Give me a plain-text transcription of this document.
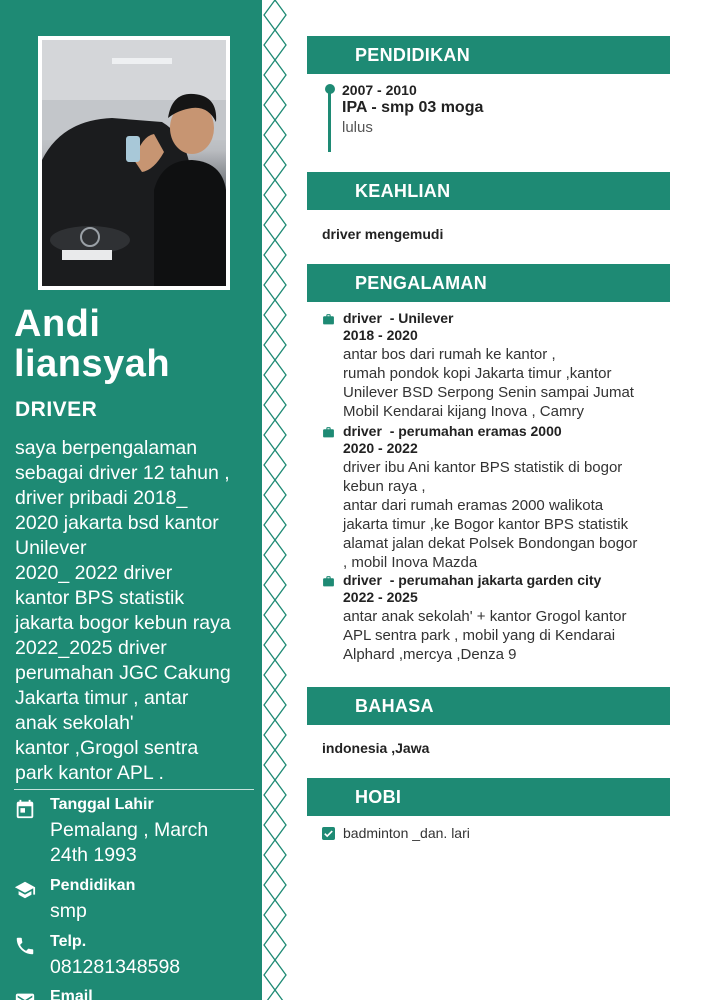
Andi
liansyah
DRIVER
saya berpengalaman
sebagai driver 12 tahun ,
driver pribadi 2018_
2020 jakarta bsd kantor
Unilever
2020_ 2022 driver
kantor BPS statistik
jakarta bogor kebun raya
2022_2025 driver
perumahan JGC Cakung
Jakarta timur , antar
anak sekolah'
kantor ,Grogol sentra
park kantor APL .
Tanggal Lahir
Pemalang , March
24th 1993
Pendidikan
smp
Telp.
081281348598
Email
PENDIDIKAN
2007 - 2010
IPA - smp 03 moga
lulus
KEAHLIAN
driver mengemudi
PENGALAMAN
driver  - Unilever
2018 - 2020
antar bos dari rumah ke kantor ,
rumah pondok kopi Jakarta timur ,kantor
Unilever BSD Serpong Senin sampai Jumat
Mobil Kendarai kijang Inova , Camry
driver  - perumahan eramas 2000
2020 - 2022
driver ibu Ani kantor BPS statistik di bogor
kebun raya ,
antar dari rumah eramas 2000 walikota
jakarta timur ,ke Bogor kantor BPS statistik
alamat jalan dekat Polsek Bondongan bogor
, mobil Inova Mazda
driver  - perumahan jakarta garden city
2022 - 2025
antar anak sekolah' + kantor Grogol kantor
APL sentra park , mobil yang di Kendarai
Alphard ,mercya ,Denza 9
BAHASA
indonesia ,Jawa
HOBI
badminton _dan. lari
